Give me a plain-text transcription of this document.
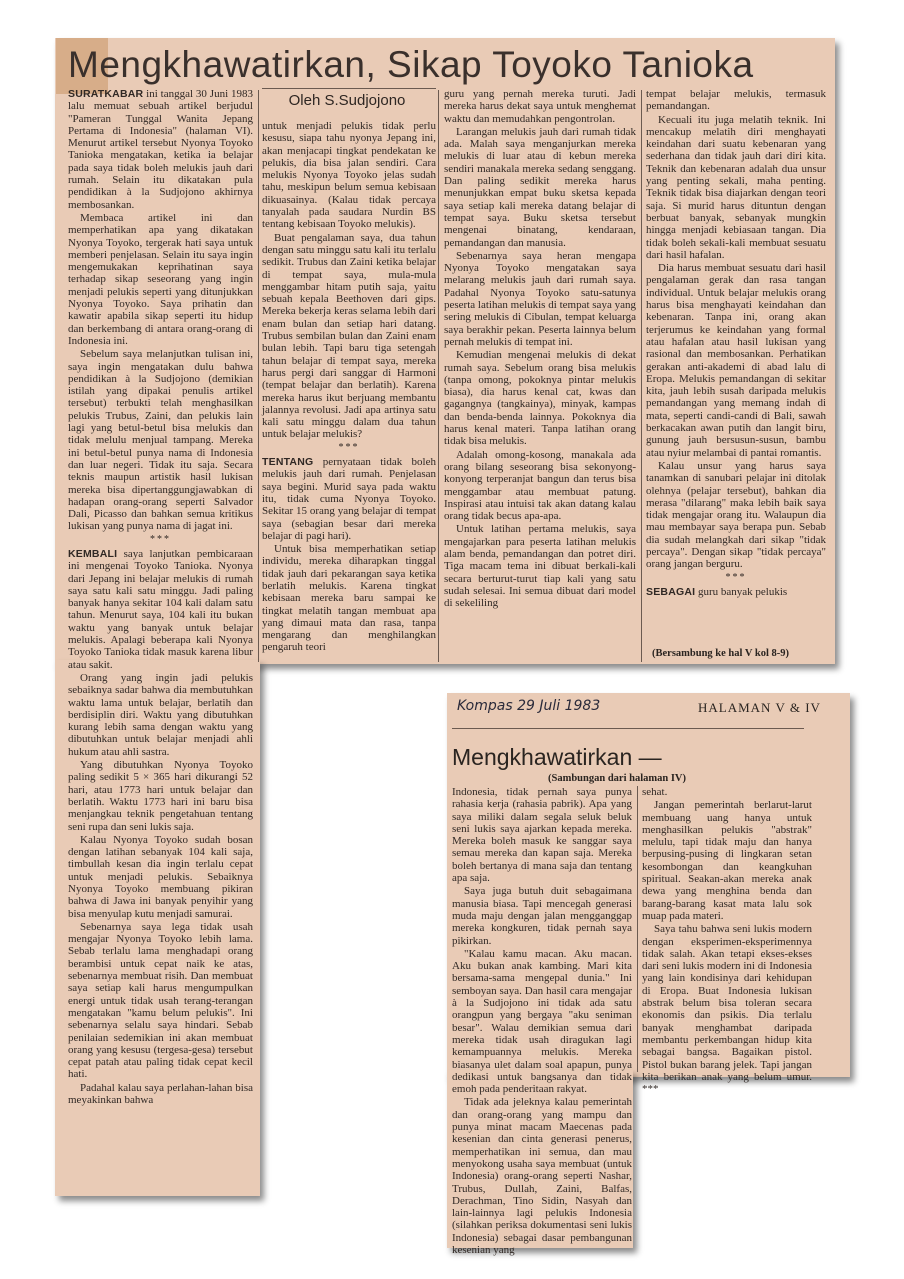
Mengkhawatirkan, Sikap Toyoko Tanioka
Oleh S.Sudjojono

SURATKABAR ini tanggal 30 Juni 1983 lalu memuat sebuah artikel berjudul "Pameran Tunggal Wanita Jepang Pertama di Indonesia" (halaman VI). Menurut artikel tersebut Nyonya Toyoko Tanioka mengatakan, ketika ia belajar pada saya tidak boleh melukis jauh dari rumah. Selain itu dikatakan pula pendidikan à la Sudjojono akhirnya membosankan.

Membaca artikel ini dan memperhatikan apa yang dikatakan Nyonya Toyoko, tergerak hati saya untuk memberi penjelasan. Selain itu saya ingin mengemukakan keprihatinan saya terhadap sikap seseorang yang ingin menjadi pelukis seperti yang ditunjukkan Nyonya Toyoko. Saya prihatin dan kawatir apabila sikap seperti itu hidup dan berkembang di antara orang-orang di Indonesia ini.

Sebelum saya melanjutkan tulisan ini, saya ingin mengatakan dulu bahwa pendidikan à la Sudjojono (demikian istilah yang dipakai penulis artikel tersebut) terbukti telah menghasilkan pelukis Trubus, Zaini, dan pelukis lain lagi yang betul-betul bisa melukis dan tidak melulu menjual tampang. Mereka ini betul-betul punya nama di Indonesia dan luar negeri. Tidak itu saja. Secara teknis maupun artistik hasil lukisan mereka bisa dipertanggungjawabkan di hadapan orang-orang seperti Salvador Dali, Picasso dan bahkan semua kritikus lukisan yang punya nama di jagat ini.

***

KEMBALI saya lanjutkan pembicaraan ini mengenai Toyoko Tanioka. Nyonya dari Jepang ini belajar melukis di rumah saya satu kali satu minggu. Jadi paling banyak hanya sekitar 104 kali dalam satu tahun. Menurut saya, 104 kali itu bukan waktu yang banyak untuk belajar melukis. Apalagi beberapa kali Nyonya Toyoko Tanioka tidak masuk karena libur atau sakit.

Orang yang ingin jadi pelukis sebaiknya sadar bahwa dia membutuhkan waktu lama untuk belajar, berlatih dan berdisiplin diri. Waktu yang dibutuhkan kurang lebih sama dengan waktu yang dibutuhkan untuk belajar menjadi ahli hukum atau ahli sastra.

Yang dibutuhkan Nyonya Toyoko paling sedikit 5 × 365 hari dikurangi 52 hari, atau 1773 hari untuk belajar dan berlatih. Waktu 1773 hari ini baru bisa menjangkau teknik pengetahuan tentang seni rupa dan seni lukis saja.

Kalau Nyonya Toyoko sudah bosan dengan latihan sebanyak 104 kali saja, timbullah kesan dia ingin terlalu cepat untuk menjadi pelukis. Sebaiknya Nyonya Toyoko membuang pikiran bahwa di Jawa ini banyak penyihir yang bisa menyulap kutu menjadi samurai.

Sebenarnya saya lega tidak usah mengajar Nyonya Toyoko lebih lama. Sebab terlalu lama menghadapi orang berambisi untuk cepat naik ke atas, sebenarnya membuat risih. Dan membuat saya setiap kali harus mengumpulkan energi untuk tidak usah terang-terangan mengatakan "kamu belum pelukis". Ini sebenarnya selalu saya hindari. Sebab penilaian sedemikian ini akan membuat orang yang kesusu (tergesa-gesa) tersebut cepat patah atau paling tidak cepat kecil hati.

Padahal kalau saya perlahan-lahan bisa meyakinkan bahwa

untuk menjadi pelukis tidak perlu kesusu, siapa tahu nyonya Jepang ini, akan menjacapi tingkat pendekatan ke pelukis, dia bisa jalan sendiri. Cara melukis Nyonya Toyoko jelas sudah tahu, meskipun belum semua kebisaan dikuasainya. (Kalau tidak percaya tanyalah pada saudara Nurdin BS tentang kebisaan Toyoko melukis).

Buat pengalaman saya, dua tahun dengan satu minggu satu kali itu terlalu sedikit. Trubus dan Zaini ketika belajar di tempat saya, mula-mula menggambar hitam putih saja, yaitu sebuah kepala Beethoven dari gips. Mereka bekerja keras selama lebih dari enam bulan dan setiap hari datang. Trubus sembilan bulan dan Zaini enam bulan lebih. Tapi baru tiga setengah tahun belajar di tempat saya, mereka harus pergi dari sanggar di Harmoni (tempat belajar dan berlatih). Karena mereka harus ikut berjuang membantu jalannya revolusi. Jadi apa artinya satu kali satu minggu dalam dua tahun untuk belajar melukis?

***

TENTANG pernyataan tidak boleh melukis jauh dari rumah. Penjelasan saya begini. Murid saya pada waktu itu, tidak cuma Nyonya Toyoko. Sekitar 15 orang yang belajar di tempat saya (sebagian besar dari mereka belajar di pagi hari).

Untuk bisa memperhatikan setiap individu, mereka diharapkan tinggal tidak jauh dari pekarangan saya ketika berlatih melukis. Karena tingkat kebisaan mereka baru sampai ke tingkat melatih tangan membuat apa yang dimaui mata dan rasa, tanpa mengarang dan menghilangkan pengaruh teori

guru yang pernah mereka turuti. Jadi mereka harus dekat saya untuk menghemat waktu dan memudahkan pengontrolan.

Larangan melukis jauh dari rumah tidak ada. Malah saya menganjurkan mereka melukis di luar atau di kebun mereka sendiri manakala mereka sedang senggang. Dan paling sedikit mereka harus menunjukkan empat buku sketsa kepada saya setiap kali mereka datang belajar di tempat saya. Buku sketsa tersebut mengenai binatang, kendaraan, pemandangan dan manusia.

Sebenarnya saya heran mengapa Nyonya Toyoko mengatakan saya melarang melukis jauh dari rumah saya. Padahal Nyonya Toyoko satu-satunya peserta latihan melukis di tempat saya yang sering melukis di Cibulan, tempat keluarga saya berakhir pekan. Peserta lainnya belum pernah melukis di tempat ini.

Kemudian mengenai melukis di dekat rumah saya. Sebelum orang bisa melukis (tanpa omong, pokoknya pintar melukis biasa), dia harus kenal cat, kwas dan gagangnya (tangkainya), minyak, kampas dan benda-benda lainnya. Pokoknya dia harus kenal materi. Tanpa latihan orang tidak bisa melukis.

Adalah omong-kosong, manakala ada orang bilang seseorang bisa sekonyong-konyong terperanjat bangun dan terus bisa menggambar atau membuat patung. Inspirasi atau intuisi tak akan datang kalau orang tidak becus apa-apa.

Untuk latihan pertama melukis, saya mengajarkan para peserta latihan melukis alam benda, pemandangan dan potret diri. Tiga macam tema ini dibuat berkali-kali secara berturut-turut tiap kali yang satu sudah selesai. Ini semua dibuat dari model di sekeliling

tempat belajar melukis, termasuk pemandangan.

Kecuali itu juga melatih teknik. Ini mencakup melatih diri menghayati keindahan dari suatu kebenaran yang sederhana dan tidak jauh dari diri kita. Teknik dan kebenaran adalah dua unsur yang penting sekali, maha penting. Teknik tidak bisa diajarkan dengan teori saja. Si murid harus dituntun dengan berbuat banyak, sebanyak mungkin hingga menjadi kebiasaan tangan. Dia tidak boleh sekali-kali membuat sesuatu dari hasil hafalan.

Dia harus membuat sesuatu dari hasil pengalaman gerak dan rasa tangan individual. Untuk belajar melukis orang harus bisa menghayati keindahan dan kebenaran. Tanpa ini, orang akan terjerumus ke keindahan yang formal atau hafalan atau hasil lukisan yang rasional dan membosankan. Perhatikan gerakan anti-akademi di abad lalu di Eropa. Melukis pemandangan di sekitar kita, jauh lebih susah daripada melukis pemandangan yang memang indah di mata, seperti candi-candi di Bali, sawah berkacakan awan putih dan langit biru, gunung jauh bersusun-susun, bambu atau nyiur melambai di pantai romantis.

Kalau unsur yang harus saya tanamkan di sanubari pelajar ini ditolak olehnya (pelajar tersebut), bahkan dia merasa "dilarang" maka lebih baik saya tidak mengajar orang itu. Walaupun dia mau membayar saya berapa pun. Sebab dia sudah melangkah dari sikap "tidak percaya". Dengan sikap "tidak percaya" orang jangan berguru.

***

SEBAGAI guru banyak pelukis

(Bersambung ke hal V kol 8-9)
Kompas 29 Juli 1983	HALAMAN V & IV
Mengkhawatirkan —
(Sambungan dari halaman IV)

Indonesia, tidak pernah saya punya rahasia kerja (rahasia pabrik). Apa yang saya miliki dalam segala seluk beluk seni lukis saya ajarkan kepada mereka. Mereka boleh masuk ke sanggar saya semau mereka dan kapan saja. Mereka boleh bertanya di mana saja dan tentang apa saja.

Saya juga butuh duit sebagaimana manusia biasa. Tapi mencegah generasi muda maju dengan jalan mengganggap mereka kongkuren, tidak pernah saya pikirkan.

"Kalau kamu macan. Aku macan. Aku bukan anak kambing. Mari kita bersama-sama mengepal dunia." Ini semboyan saya. Dan hasil cara mengajar à la Sudjojono ini tidak ada satu orangpun yang bergaya "aku seniman besar". Walau demikian semua dari mereka tidak usah diragukan lagi kemampuannya melukis. Mereka biasanya ulet dalam soal apapun, punya dedikasi untuk bangsanya dan tidak emoh pada penderitaan rakyat.

Tidak ada jeleknya kalau pemerintah dan orang-orang yang mampu dan punya minat macam Maecenas pada kesenian dan cinta generasi penerus, memperhatikan ini semua, dan mau menyokong usaha saya membuat (untuk Indonesia) orang-orang seperti Nashar, Trubus, Dullah, Zaini, Balfas, Derachman, Tino Sidin, Nasyah dan lain-lainnya lagi pelukis Indonesia (silahkan periksa dokumentasi seni lukis Indonesia) sebagai dasar pembangunan kesenian yang

sehat.

Jangan pemerintah berlarut-larut membuang uang hanya untuk menghasilkan pelukis "abstrak" melulu, tapi tidak maju dan hanya berpusing-pusing di lingkaran setan kesombongan dan keangkuhan spiritual. Seakan-akan mereka anak dewa yang menghina benda dan barang-barang kasat mata lalu sok muap pada materi.

Saya tahu bahwa seni lukis modern dengan eksperimen-eksperimennya tidak salah. Akan tetapi ekses-ekses dari seni lukis modern ini di Indonesia yang lain kondisinya dari kehidupan di Eropa. Buat Indonesia lukisan abstrak belum bisa toleran secara ekonomis dan psikis. Dia terlalu banyak menghambat daripada membantu perkembangan hidup kita sebagai bangsa. Bagaikan pistol. Pistol bukan barang jelek. Tapi jangan kita berikan anak yang belum umur. ***
